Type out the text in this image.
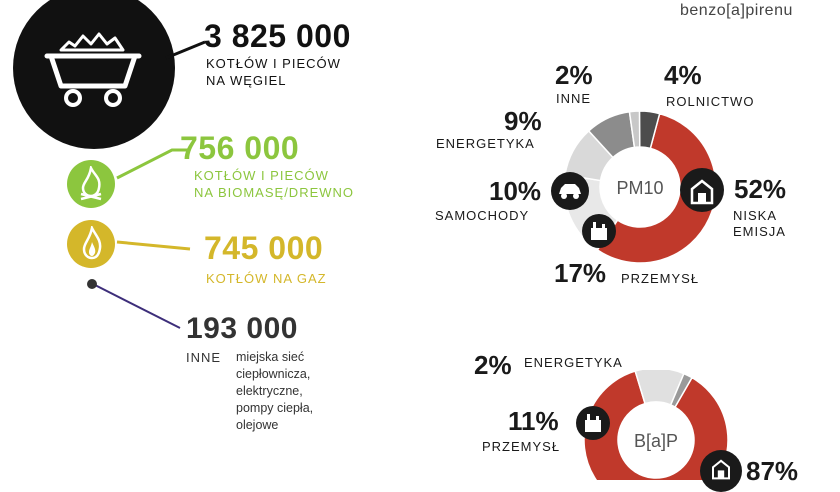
benzo[a]pirenu
3 825 000
KOTŁÓW I PIECÓW
NA WĘGIEL
756 000
KOTŁÓW I PIECÓW
NA BIOMASĘ/DREWNO
745 000
KOTŁÓW NA GAZ
193 000
INNE miejska sieć
ciepłownicza,
elektryczne,
pompy ciepła,
olejowe
PM10
2%
INNE
4%
ROLNICTWO
9%
ENERGETYKA
10%
SAMOCHODY
52%
NISKA EMISJA
17% PRZEMYSŁ
B[a]P
2% ENERGETYKA
11%
PRZEMYSŁ
87%
